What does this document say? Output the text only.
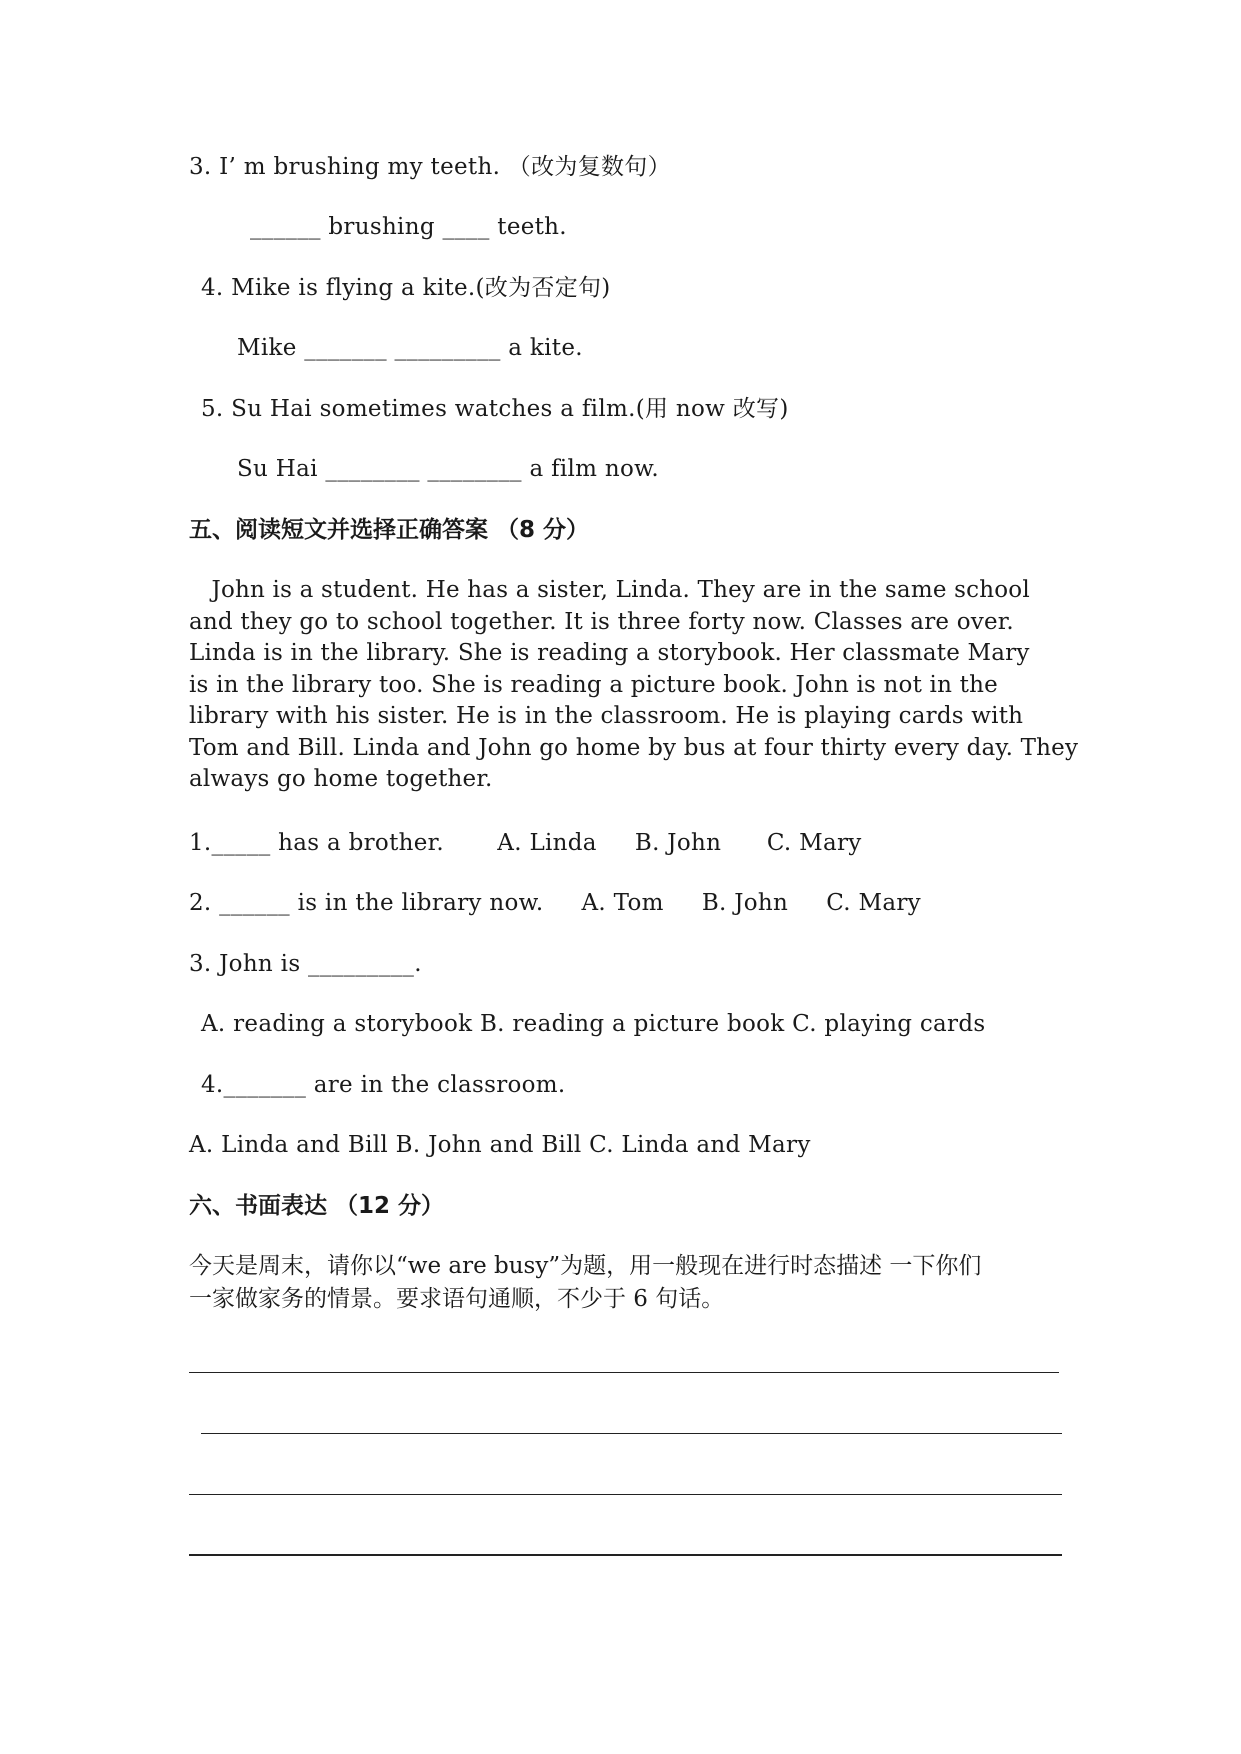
3. I’ m brushing my teeth. （改为复数句）
______ brushing ____ teeth.
4. Mike is flying a kite.(改为否定句)
Mike _______ _________ a kite.
5. Su Hai sometimes watches a film.(用 now 改写)
Su Hai ________ ________ a film now.
五、阅读短文并选择正确答案 （8 分）
John is a student. He has a sister, Linda. They are in the same school
and they go to school together. It is three forty now. Classes are over.
Linda is in the library. She is reading a storybook. Her classmate Mary
is in the library too. She is reading a picture book. John is not in the
library with his sister. He is in the classroom. He is playing cards with
Tom and Bill. Linda and John go home by bus at four thirty every day. They
always go home together.
1._____ has a brother.       A. Linda     B. John      C. Mary
2. ______ is in the library now.     A. Tom     B. John     C. Mary
3. John is _________.
A. reading a storybook B. reading a picture book C. playing cards
4._______ are in the classroom.
A. Linda and Bill B. John and Bill C. Linda and Mary
六、书面表达 （12 分）
今天是周末，请你以“we are busy”为题，用一般现在进行时态描述 一下你们
一家做家务的情景。要求语句通顺，不少于 6 句话。
